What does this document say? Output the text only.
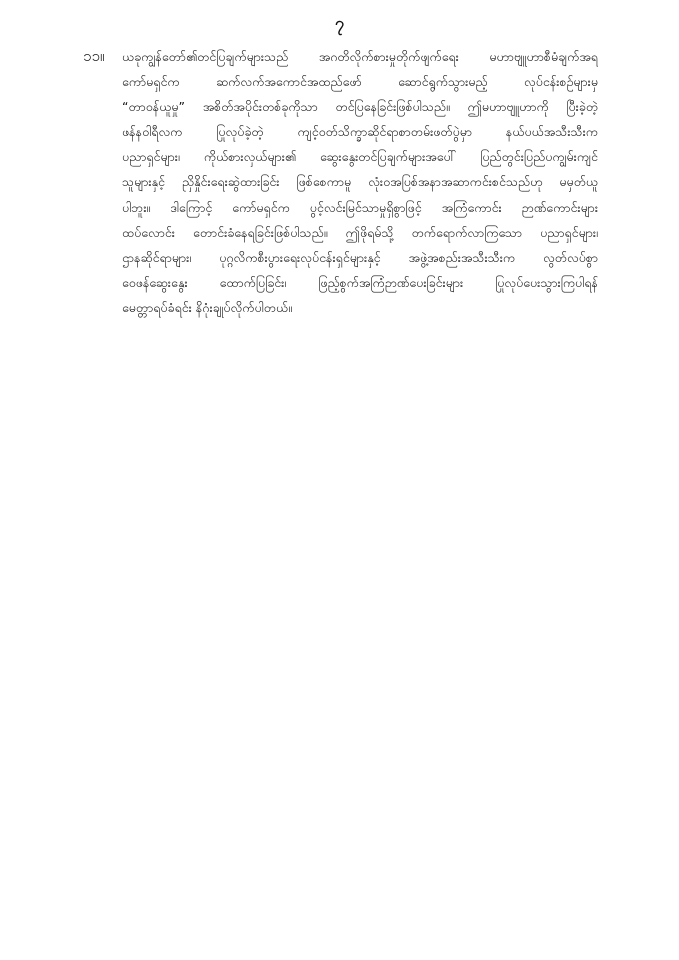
၇
၁၁။ ယခုကျွန်တော်၏တင်ပြချက်များသည် အဂတိလိုက်စားမှုတိုက်ဖျက်ရေး မဟာဗျူဟာစီမံချက်အရ
ကော်မရှင်က ဆက်လက်အကောင်အထည်ဖော် ဆောင်ရွက်သွားမည့် လုပ်ငန်းစဉ်များမှ
“တာဝန်ယူမှု” အစိတ်အပိုင်းတစ်ခုကိုသာ တင်ပြနေခြင်းဖြစ်ပါသည်။ ဤမဟာဗျူဟာကို ပြီးခဲ့တဲ့
ဖန်နဝါရီလက ပြုလုပ်ခဲ့တဲ့ ကျင့်ဝတ်သိက္ခာဆိုင်ရာစာတမ်းဖတ်ပွဲမှာ နယ်ပယ်အသီးသီးက
ပညာရှင်များ၊ ကိုယ်စားလှယ်များ၏ ဆွေးနွေးတင်ပြချက်များအပေါ် ပြည်တွင်းပြည်ပကျွမ်းကျင်
သူများနှင့် ညှိနှိုင်းရေးဆွဲထားခြင်း ဖြစ်စေကာမူ လုံးဝအပြစ်အနာအဆာကင်းစင်သည်ဟု မမှတ်ယူ
ပါဘူး။ ဒါကြောင့် ကော်မရှင်က ပွင့်လင်းမြင်သာမှုရှိစွာဖြင့် အကြံကောင်း ဉာဏ်ကောင်းများ
ထပ်လောင်း တောင်းခံနေရခြင်းဖြစ်ပါသည်။ ဤဖိုရမ်သို့ တက်ရောက်လာကြသော ပညာရှင်များ၊
ဌာနဆိုင်ရာများ၊ ပုဂ္ဂလိကစီးပွားရေးလုပ်ငန်းရှင်များနှင့် အဖွဲ့အစည်းအသီးသီးက လွတ်လပ်စွာ
ဝေဖန်ဆွေးနွေး ထောက်ပြခြင်း၊ ဖြည့်စွက်အကြံဉာဏ်ပေးခြင်းများ ပြုလုပ်ပေးသွားကြပါရန်
မေတ္တာရပ်ခံရင်း နိဂုံးချုပ်လိုက်ပါတယ်။
